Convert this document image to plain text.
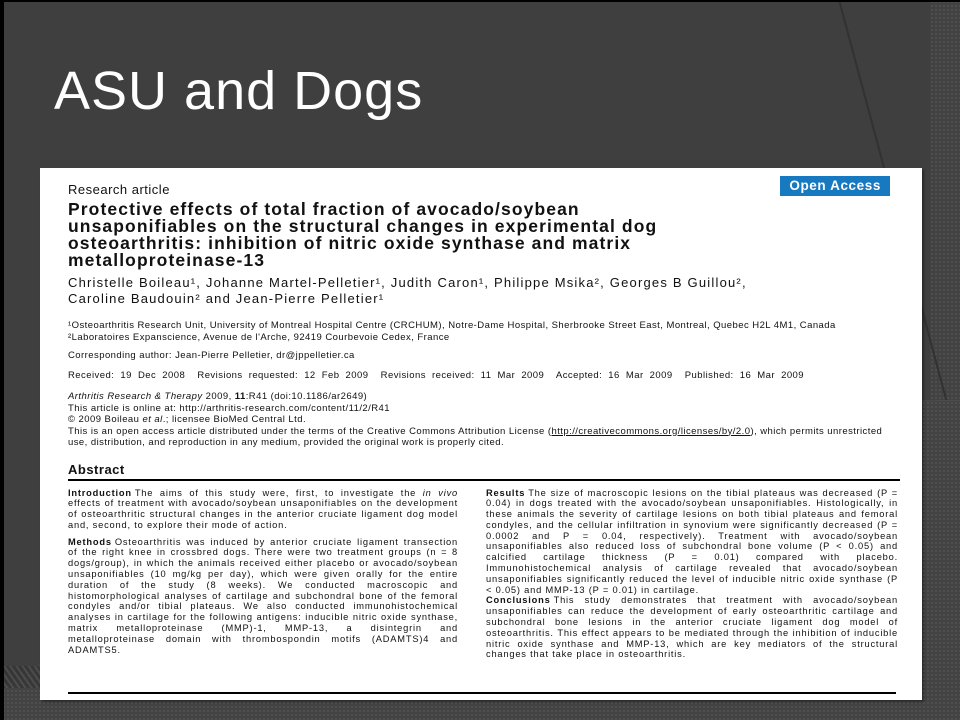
ASU and Dogs
Open Access
Research article
Protective effects of total fraction of avocado/soybean
unsaponifiables on the structural changes in experimental dog
osteoarthritis: inhibition of nitric oxide synthase and matrix
metalloproteinase-13
Christelle Boileau¹, Johanne Martel-Pelletier¹, Judith Caron¹, Philippe Msika², Georges B Guillou²,
Caroline Baudouin² and Jean-Pierre Pelletier¹
¹Osteoarthritis Research Unit, University of Montreal Hospital Centre (CRCHUM), Notre-Dame Hospital, Sherbrooke Street East, Montreal, Quebec H2L 4M1, Canada
²Laboratoires Expanscience, Avenue de l'Arche, 92419 Courbevoie Cedex, France
Corresponding author: Jean-Pierre Pelletier, dr@jppelletier.ca
Received: 19 Dec 2008  Revisions requested: 12 Feb 2009  Revisions received: 11 Mar 2009  Accepted: 16 Mar 2009  Published: 16 Mar 2009
Arthritis Research & Therapy 2009, 11:R41 (doi:10.1186/ar2649)
This article is online at: http://arthritis-research.com/content/11/2/R41
© 2009 Boileau et al.; licensee BioMed Central Ltd.
This is an open access article distributed under the terms of the Creative Commons Attribution License (http://creativecommons.org/licenses/by/2.0), which permits unrestricted use, distribution, and reproduction in any medium, provided the original work is properly cited.
Abstract

Introduction The aims of this study were, first, to investigate the in vivo effects of treatment with avocado/soybean unsaponifiables on the development of osteoarthritic structural changes in the anterior cruciate ligament dog model and, second, to explore their mode of action.

Methods Osteoarthritis was induced by anterior cruciate ligament transection of the right knee in crossbred dogs. There were two treatment groups (n = 8 dogs/group), in which the animals received either placebo or avocado/soybean unsaponifiables (10 mg/kg per day), which were given orally for the entire duration of the study (8 weeks). We conducted macroscopic and histomorphological analyses of cartilage and subchondral bone of the femoral condyles and/or tibial plateaus. We also conducted immunohistochemical analyses in cartilage for the following antigens: inducible nitric oxide synthase, matrix metalloproteinase (MMP)-1, MMP-13, a disintegrin and metalloproteinase domain with thrombospondin motifs (ADAMTS)4 and ADAMTS5.

Results The size of macroscopic lesions on the tibial plateaus was decreased (P = 0.04) in dogs treated with the avocado/soybean unsaponifiables. Histologically, in these animals the severity of cartilage lesions on both tibial plateaus and femoral condyles, and the cellular infiltration in synovium were significantly decreased (P = 0.0002 and P = 0.04, respectively). Treatment with avocado/soybean unsaponifiables also reduced loss of subchondral bone volume (P < 0.05) and calcified cartilage thickness (P = 0.01) compared with placebo. Immunohistochemical analysis of cartilage revealed that avocado/soybean unsaponifiables significantly reduced the level of inducible nitric oxide synthase (P < 0.05) and MMP-13 (P = 0.01) in cartilage.

Conclusions This study demonstrates that treatment with avocado/soybean unsaponifiables can reduce the development of early osteoarthritic cartilage and subchondral bone lesions in the anterior cruciate ligament dog model of osteoarthritis. This effect appears to be mediated through the inhibition of inducible nitric oxide synthase and MMP-13, which are key mediators of the structural changes that take place in osteoarthritis.
